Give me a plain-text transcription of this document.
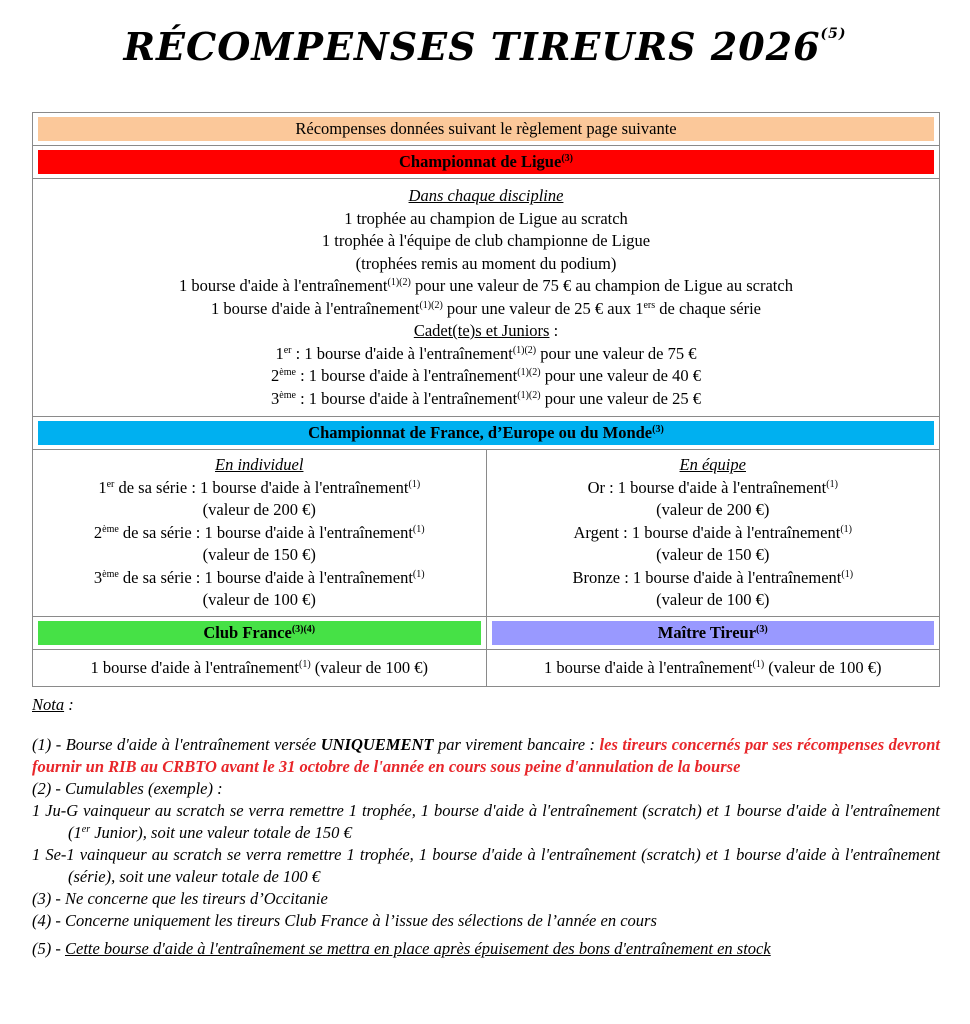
RÉCOMPENSES TIREURS 2026$^{(5)}$
Récompenses données suivant le règlement page suivante
Championnat de Ligue$^{(3)}$
Dans chaque discipline
1 trophée au champion de Ligue au scratch
1 trophée à l'équipe de club championne de Ligue
(trophées remis au moment du podium)
1 bourse d'aide à l'entraînement$^{(1)(2)}$ pour une valeur de 75 € au champion de Ligue au scratch
1 bourse d'aide à l'entraînement$^{(1)(2)}$ pour une valeur de 25 € aux 1ers de chaque série
Cadet(te)s et Juniors :
1er : 1 bourse d'aide à l'entraînement$^{(1)(2)}$ pour une valeur de 75 €
2ème : 1 bourse d'aide à l'entraînement$^{(1)(2)}$ pour une valeur de 40 €
3ème : 1 bourse d'aide à l'entraînement$^{(1)(2)}$ pour une valeur de 25 €
Championnat de France, d’Europe ou du Monde$^{(3)}$
En individuel
1er de sa série : 1 bourse d'aide à l'entraînement$^{(1)}$
(valeur de 200 €)
2ème de sa série : 1 bourse d'aide à l'entraînement$^{(1)}$
(valeur de 150 €)
3ème de sa série : 1 bourse d'aide à l'entraînement$^{(1)}$
(valeur de 100 €)
En équipe
Or : 1 bourse d'aide à l'entraînement$^{(1)}$
(valeur de 200 €)
Argent : 1 bourse d'aide à l'entraînement$^{(1)}$
(valeur de 150 €)
Bronze : 1 bourse d'aide à l'entraînement$^{(1)}$
(valeur de 100 €)
Club France$^{(3)(4)}$	Maître Tireur$^{(3)}$
1 bourse d'aide à l'entraînement$^{(1)}$ (valeur de 100 €)	1 bourse d'aide à l'entraînement$^{(1)}$ (valeur de 100 €)

Nota :

(1) - Bourse d'aide à l'entraînement versée UNIQUEMENT par virement bancaire : les tireurs concernés par ses récompenses devront fournir un RIB au CRBTO avant le 31 octobre de l'année en cours sous peine d'annulation de la bourse

(2) - Cumulables (exemple) :

1 Ju-G vainqueur au scratch se verra remettre 1 trophée, 1 bourse d'aide à l'entraînement (scratch) et 1 bourse d'aide à l'entraînement (1er Junior), soit une valeur totale de 150 €

1 Se-1 vainqueur au scratch se verra remettre 1 trophée, 1 bourse d'aide à l'entraînement (scratch) et 1 bourse d'aide à l'entraînement (série), soit une valeur totale de 100 €

(3) - Ne concerne que les tireurs d’Occitanie

(4) - Concerne uniquement les tireurs Club France à l’issue des sélections de l’année en cours

(5) - Cette bourse d'aide à l'entraînement se mettra en place après épuisement des bons d'entraînement en stock
